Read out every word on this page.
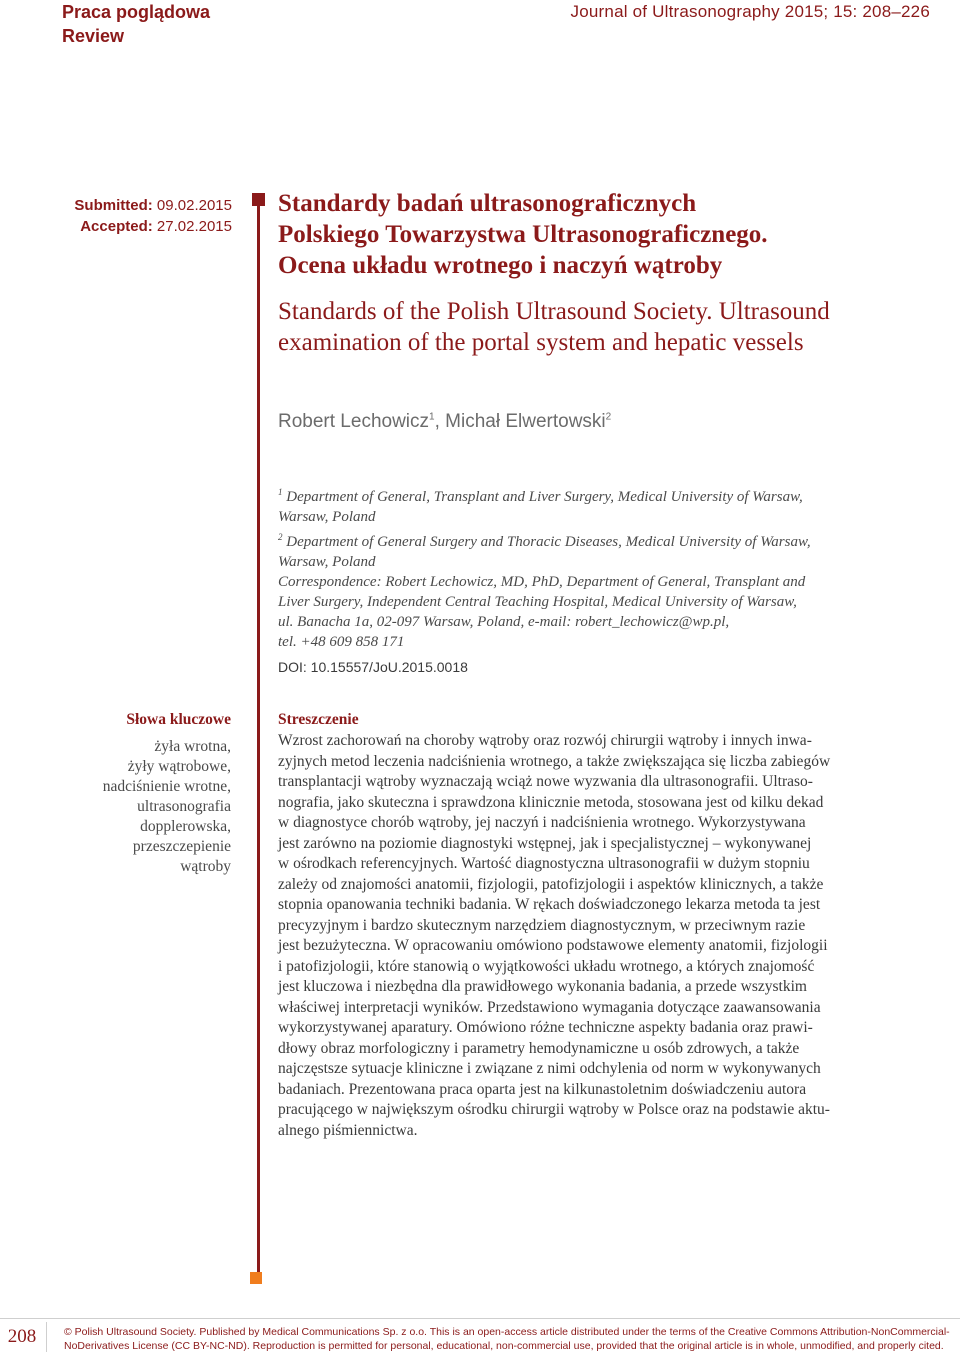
Praca poglądowa
Review
Journal of Ultrasonography 2015; 15: 208–226
Submitted: 09.02.2015
Accepted: 27.02.2015
Standardy badań ultrasonograficznych
Polskiego Towarzystwa Ultrasonograficznego.
Ocena układu wrotnego i naczyń wątroby
Standards of the Polish Ultrasound Society. Ultrasound
examination of the portal system and hepatic vessels
Robert Lechowicz$^1$, Michał Elwertowski$^2$

$^1$ Department of General, Transplant and Liver Surgery, Medical University of Warsaw,

Warsaw, Poland

$^2$ Department of General Surgery and Thoracic Diseases, Medical University of Warsaw,

Warsaw, Poland

Correspondence: Robert Lechowicz, MD, PhD, Department of General, Transplant and

Liver Surgery, Independent Central Teaching Hospital, Medical University of Warsaw,

ul. Banacha 1a, 02-097 Warsaw, Poland, e-mail: robert_lechowicz@wp.pl,

tel. +48 609 858 171

DOI: 10.15557/JoU.2015.0018
Słowa kluczowe
żyła wrotna,
żyły wątrobowe,
nadciśnienie wrotne,
ultrasonografia
dopplerowska,
przeszczepienie
wątroby
Streszczenie
Wzrost zachorowań na choroby wątroby oraz rozwój chirurgii wątroby i innych inwa-
zyjnych metod leczenia nadciśnienia wrotnego, a także zwiększająca się liczba zabiegów
transplantacji wątroby wyznaczają wciąż nowe wyzwania dla ultrasonografii. Ultraso-
nografia, jako skuteczna i sprawdzona klinicznie metoda, stosowana jest od kilku dekad
w diagnostyce chorób wątroby, jej naczyń i nadciśnienia wrotnego. Wykorzystywana
jest zarówno na poziomie diagnostyki wstępnej, jak i specjalistycznej – wykonywanej
w ośrodkach referencyjnych. Wartość diagnostyczna ultrasonografii w dużym stopniu
zależy od znajomości anatomii, fizjologii, patofizjologii i aspektów klinicznych, a także
stopnia opanowania techniki badania. W rękach doświadczonego lekarza metoda ta jest
precyzyjnym i bardzo skutecznym narzędziem diagnostycznym, w przeciwnym razie
jest bezużyteczna. W opracowaniu omówiono podstawowe elementy anatomii, fizjologii
i patofizjologii, które stanowią o wyjątkowości układu wrotnego, a których znajomość
jest kluczowa i niezbędna dla prawidłowego wykonania badania, a przede wszystkim
właściwej interpretacji wyników. Przedstawiono wymagania dotyczące zaawansowania
wykorzystywanej aparatury. Omówiono różne techniczne aspekty badania oraz prawi-
dłowy obraz morfologiczny i parametry hemodynamiczne u osób zdrowych, a także
najczęstsze sytuacje kliniczne i związane z nimi odchylenia od norm w wykonywanych
badaniach. Prezentowana praca oparta jest na kilkunastoletnim doświadczeniu autora
pracującego w największym ośrodku chirurgii wątroby w Polsce oraz na podstawie aktu-
alnego piśmiennictwa.
208	© Polish Ultrasound Society. Published by Medical Communications Sp. z o.o. This is an open-access article distributed under the terms of the Creative Commons Attribution-NonCommercial-
NoDerivatives License (CC BY-NC-ND). Reproduction is permitted for personal, educational, non-commercial use, provided that the original article is in whole, unmodified, and properly cited.
